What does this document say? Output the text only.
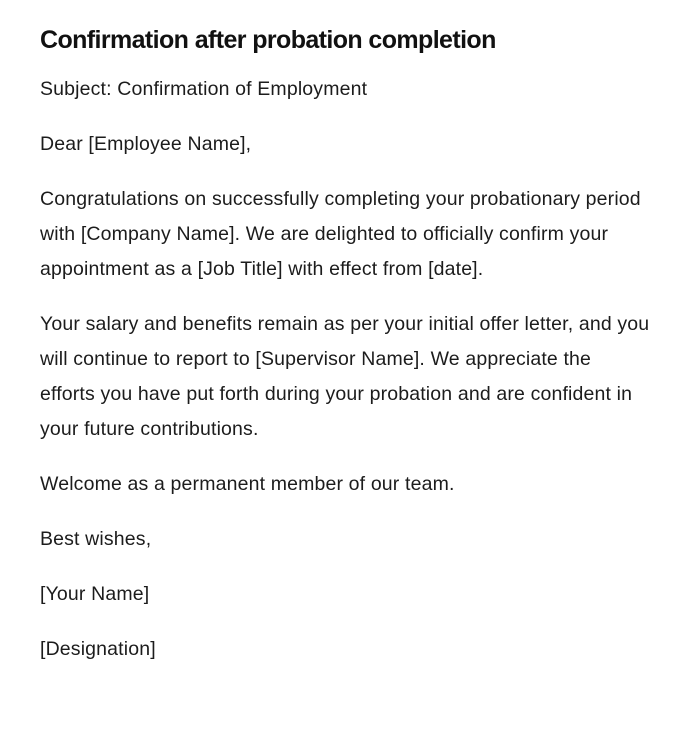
Confirmation after probation completion

Subject: Confirmation of Employment

Dear [Employee Name],

Congratulations on successfully completing your probationary period with [Company Name]. We are delighted to officially confirm your appointment as a [Job Title] with effect from [date].

Your salary and benefits remain as per your initial offer letter, and you will continue to report to [Supervisor Name]. We appreciate the efforts you have put forth during your probation and are confident in your future contributions.

Welcome as a permanent member of our team.

Best wishes,

[Your Name]

[Designation]
